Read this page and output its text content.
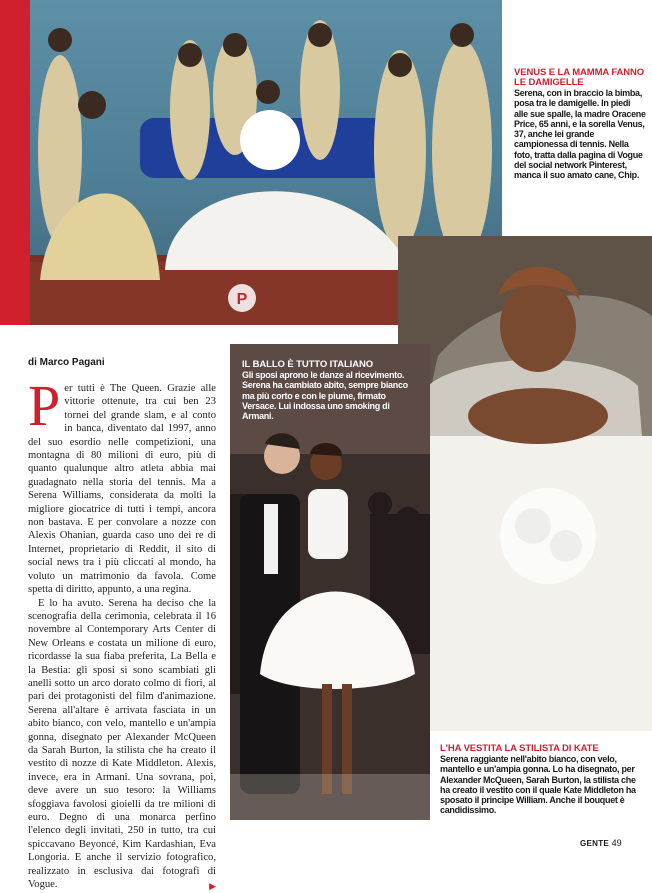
P
VENUS E LA MAMMA FANNO LE DAMIGELLE
Serena, con in braccio la bimba, posa tra le damigelle. In piedi alle sue spalle, la madre Oracene Price, 65 anni, e la sorella Venus, 37, anche lei grande campionessa di tennis. Nella foto, tratta dalla pagina di Vogue del social network Pinterest, manca il suo amato cane, Chip.
IL BALLO È TUTTO ITALIANO
Gli sposi aprono le danze al ricevimento. Serena ha cambiato abito, sempre bianco ma più corto e con le piume, firmato Versace. Lui indossa uno smoking di Armani.
L'HA VESTITA LA STILISTA DI KATE
Serena raggiante nell'abito bianco, con velo, mantello e un'ampia gonna. Lo ha disegnato, per Alexander McQueen, Sarah Burton, la stilista che ha creato il vestito con il quale Kate Middleton ha sposato il principe William. Anche il bouquet è candidissimo.
di Marco Pagani

Per tutti è The Queen. Grazie alle vittorie ottenute, tra cui ben 23 tornei del grande slam, e al conto in banca, diventato dal 1997, anno del suo esordio nelle competizioni, una montagna di 80 milioni di euro, più di quanto qualunque altro atleta abbia mai guadagnato nella storia del tennis. Ma a Serena Williams, considerata da molti la migliore giocatrice di tutti i tempi, ancora non bastava. E per convolare a nozze con Alexis Ohanian, guarda caso uno dei re di Internet, proprietario di Reddit, il sito di social news tra i più cliccati al mondo, ha voluto un matrimonio da favola. Come spetta di diritto, appunto, a una regina.

E lo ha avuto. Serena ha deciso che la scenografia della cerimonia, celebrata il 16 novembre al Contemporary Arts Center di New Orleans e costata un milione di euro, ricordasse la sua fiaba preferita, La Bella e la Bestia: gli sposi si sono scambiati gli anelli sotto un arco dorato colmo di fiori, al pari dei protagonisti del film d'animazione. Serena all'altare è arrivata fasciata in un abito bianco, con velo, mantello e un'ampia gonna, disegnato per Alexander McQueen da Sarah Burton, la stilista che ha creato il vestito di nozze di Kate Middleton. Alexis, invece, era in Armani. Una sovrana, poi, deve avere un suo tesoro: la Williams sfoggiava favolosi gioielli da tre milioni di euro. Degno di una monarca perfino l'elenco degli invitati, 250 in tutto, tra cui spiccavano Beyoncé, Kim Kardashian, Eva Longoria. E anche il servizio fotografico, realizzato in esclusiva dai fotografi di Vogue.	▶

GENTE 49
